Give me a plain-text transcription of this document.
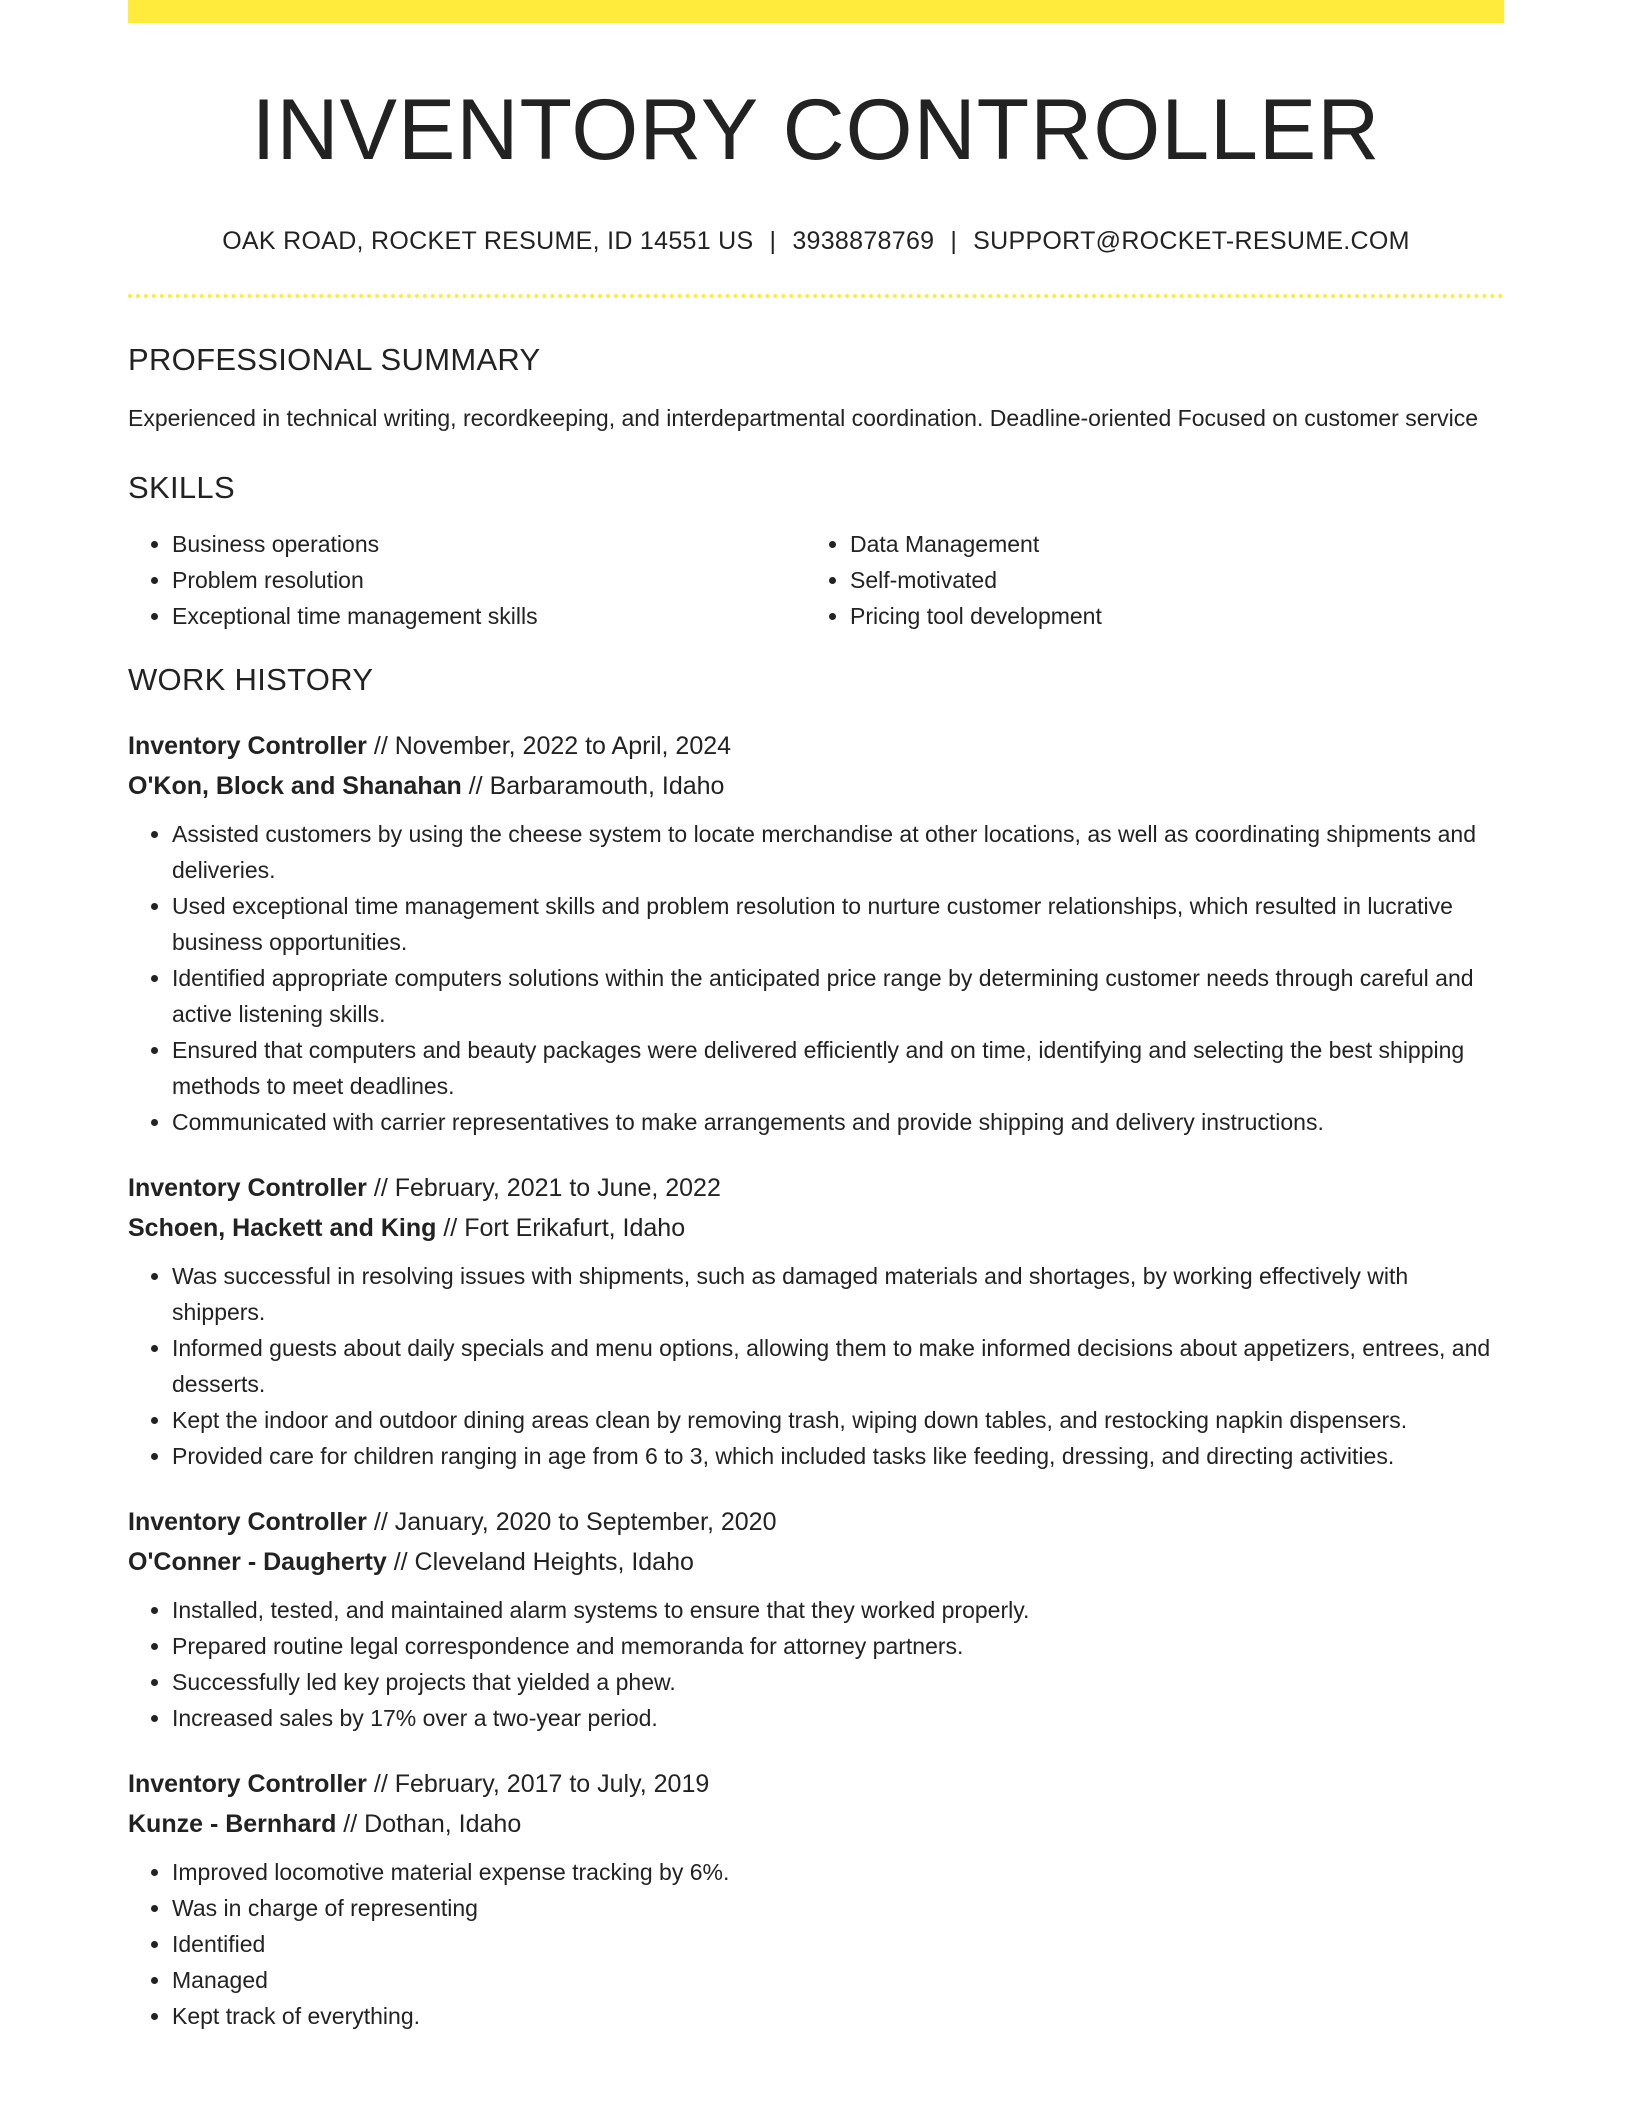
INVENTORY CONTROLLER
OAK ROAD, ROCKET RESUME, ID 14551 US | 3938878769 | SUPPORT@ROCKET-RESUME.COM
PROFESSIONAL SUMMARY
Experienced in technical writing, recordkeeping, and interdepartmental coordination. Deadline-oriented Focused on customer service
SKILLS
• Business operations
• Problem resolution
• Exceptional time management skills
• Data Management
• Self-motivated
• Pricing tool development
WORK HISTORY
Inventory Controller // November, 2022 to April, 2024
O'Kon, Block and Shanahan // Barbaramouth, Idaho
• Assisted customers by using the cheese system to locate merchandise at other locations, as well as coordinating shipments and deliveries.
• Used exceptional time management skills and problem resolution to nurture customer relationships, which resulted in lucrative business opportunities.
• Identified appropriate computers solutions within the anticipated price range by determining customer needs through careful and active listening skills.
• Ensured that computers and beauty packages were delivered efficiently and on time, identifying and selecting the best shipping methods to meet deadlines.
• Communicated with carrier representatives to make arrangements and provide shipping and delivery instructions.
Inventory Controller // February, 2021 to June, 2022
Schoen, Hackett and King // Fort Erikafurt, Idaho
• Was successful in resolving issues with shipments, such as damaged materials and shortages, by working effectively with shippers.
• Informed guests about daily specials and menu options, allowing them to make informed decisions about appetizers, entrees, and desserts.
• Kept the indoor and outdoor dining areas clean by removing trash, wiping down tables, and restocking napkin dispensers.
• Provided care for children ranging in age from 6 to 3, which included tasks like feeding, dressing, and directing activities.
Inventory Controller // January, 2020 to September, 2020
O'Conner - Daugherty // Cleveland Heights, Idaho
• Installed, tested, and maintained alarm systems to ensure that they worked properly.
• Prepared routine legal correspondence and memoranda for attorney partners.
• Successfully led key projects that yielded a phew.
• Increased sales by 17% over a two-year period.
Inventory Controller // February, 2017 to July, 2019
Kunze - Bernhard // Dothan, Idaho
• Improved locomotive material expense tracking by 6%.
• Was in charge of representing
• Identified
• Managed
• Kept track of everything.
